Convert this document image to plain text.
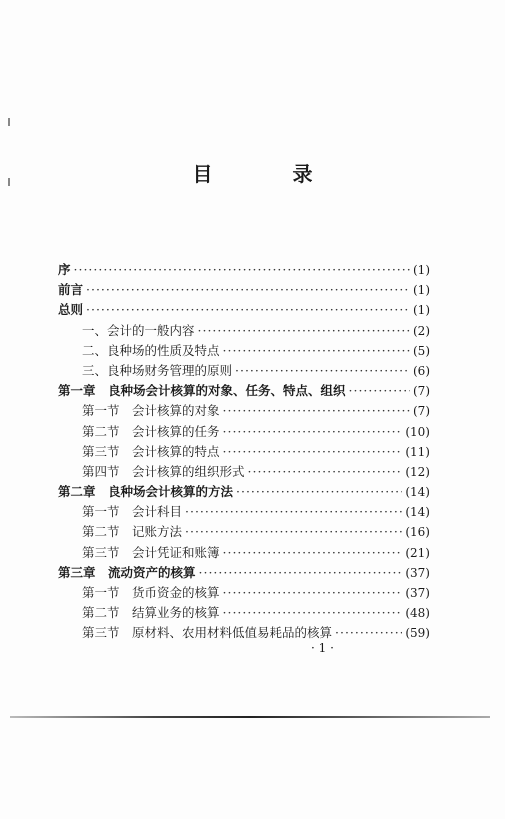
目　录
序 ·····	(1)
前言 ·····	(1)
总则 ·····	(1)
一、会计的一般内容 ·····	(2)
二、良种场的性质及特点 ·····	(5)
三、良种场财务管理的原则 ·····	(6)
第一章　良种场会计核算的对象、任务、特点、组织 ·····	(7)
第一节　会计核算的对象 ·····	(7)
第二节　会计核算的任务 ·····	(10)
第三节　会计核算的特点 ·····	(11)
第四节　会计核算的组织形式 ·····	(12)
第二章　良种场会计核算的方法 ·····	(14)
第一节　会计科目 ·····	(14)
第二节　记账方法 ·····	(16)
第三节　会计凭证和账簿 ·····	(21)
第三章　流动资产的核算 ·····	(37)
第一节　货币资金的核算 ·····	(37)
第二节　结算业务的核算 ·····	(48)
第三节　原材料、农用材料低值易耗品的核算 ·····	(59)
· 1 ·
